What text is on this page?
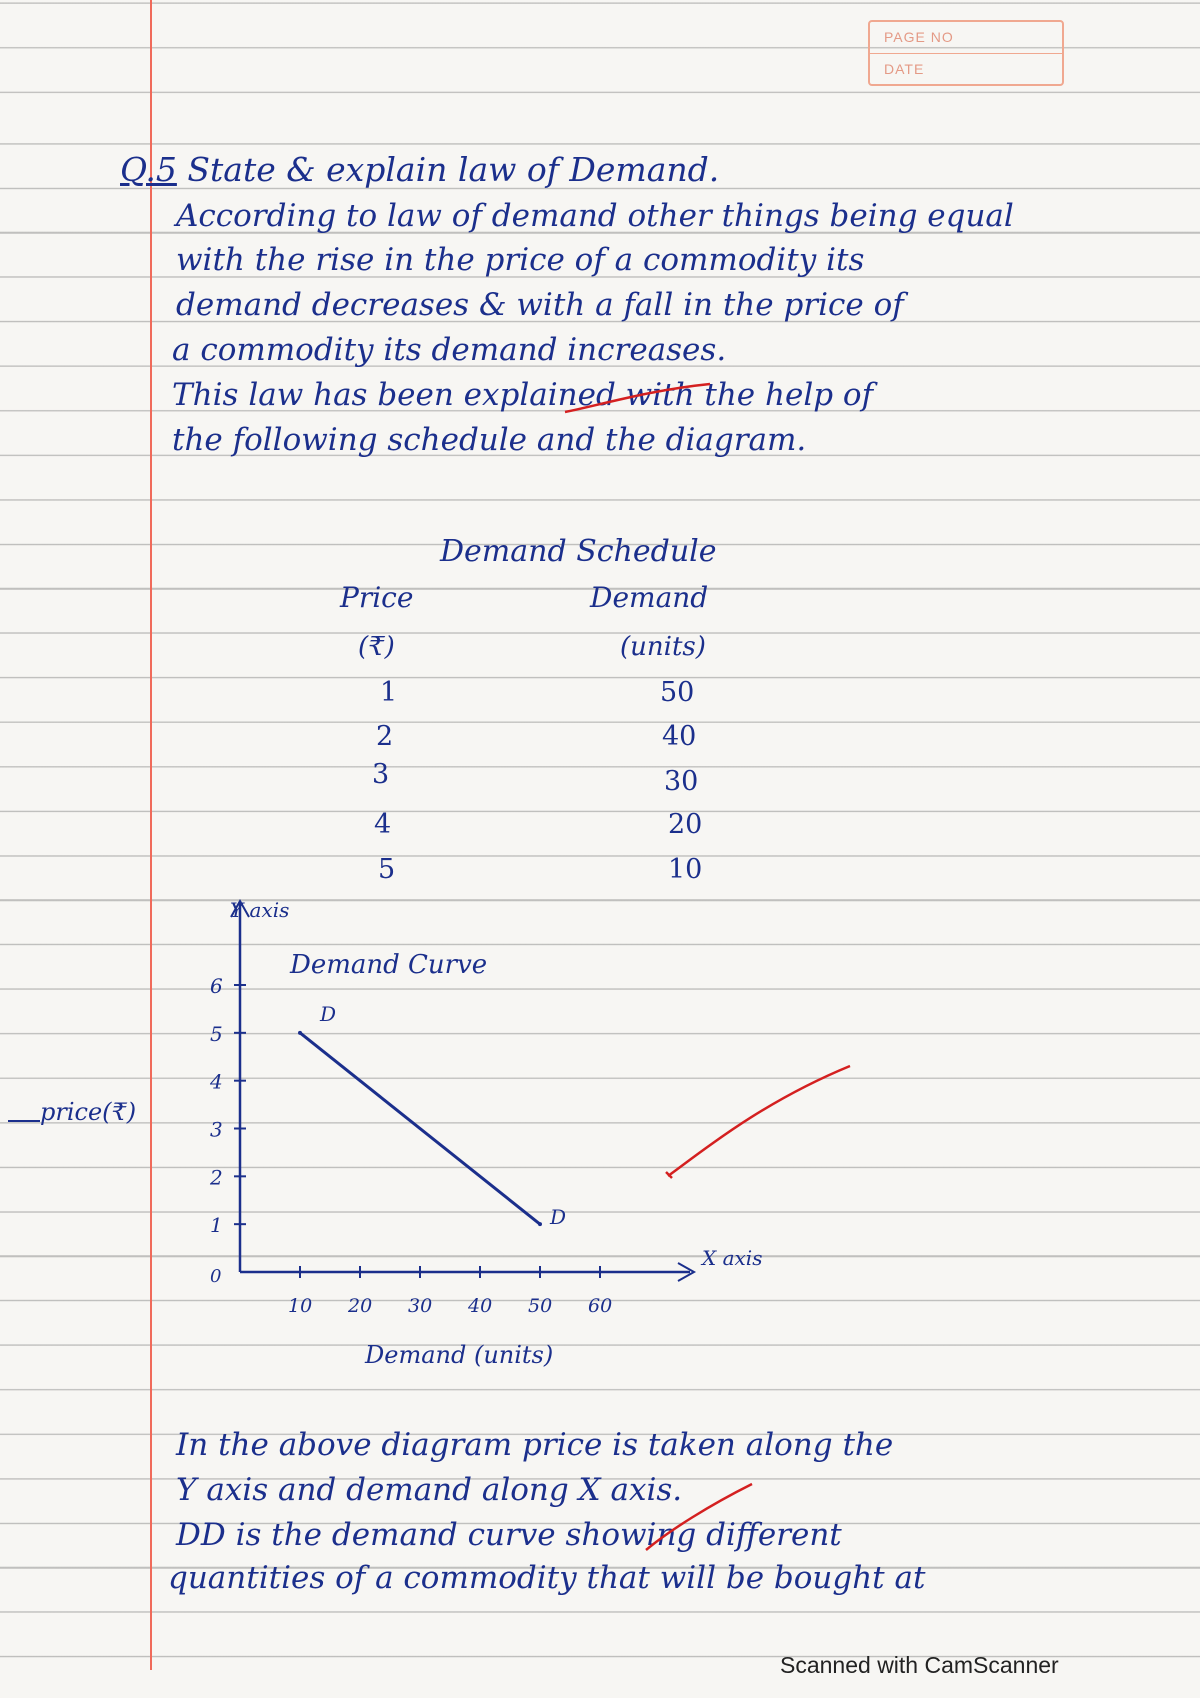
PAGE NO
DATE
Q.5 State & explain law of Demand.
According to law of demand other things being equal
with the rise in the price of a commodity its
demand decreases & with a fall in the price of
a commodity its demand increases.
This law has been explained with the help of
the following schedule and the diagram.
Demand Schedule
Price	Demand
(₹)	(units)
1	50
2	40
3	30
4	20
5	10
1
2
3
4
5
6
10 20 30 40 50 60
0
D
D
Demand Curve
Y axis
X axis
price(₹)
Demand (units)
In the above diagram price is taken along the
Y axis and demand along X axis.
DD is the demand curve showing different
quantities of a commodity that will be bought at
Scanned with CamScanner
